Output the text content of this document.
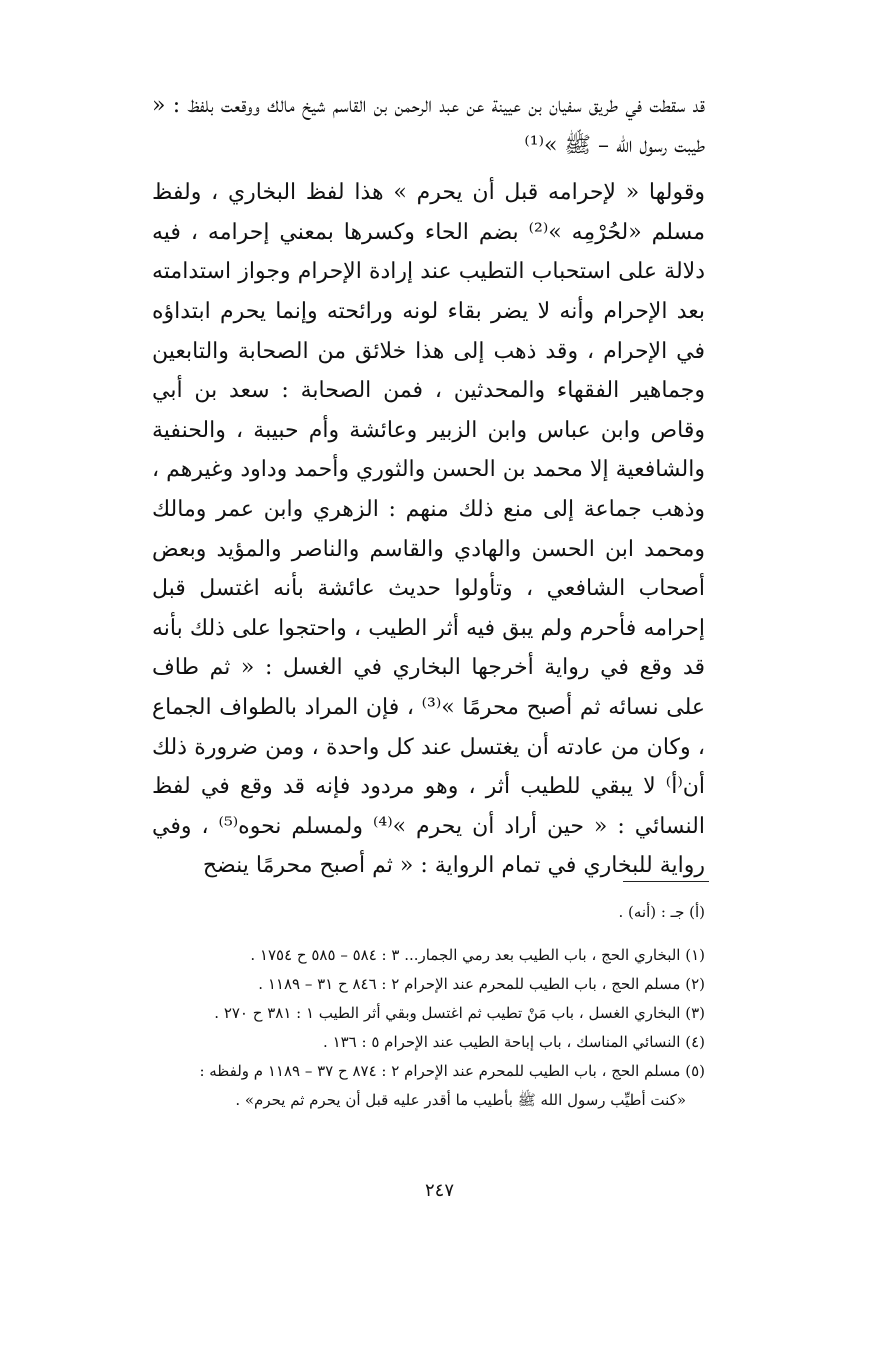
قد سقطت في طريق سفيان بن عيينة عن عبد الرحمن بن القاسم شيخ مالك ووقعت بلفظ : « طيبت رسول اللّه – ﷺ »⁽¹⁾

وقولها « لإحرامه قبل أن يحرم » هذا لفظ البخاري ، ولفظ مسلم «لحُرْمِه »⁽²⁾ بضم الحاء وكسرها بمعني إحرامه ، فيه دلالة على استحباب التطيب عند إرادة الإحرام وجواز استدامته بعد الإحرام وأنه لا يضر بقاء لونه ورائحته وإنما يحرم ابتداؤه في الإحرام ، وقد ذهب إلى هذا خلائق من الصحابة والتابعين وجماهير الفقهاء والمحدثين ، فمن الصحابة : سعد بن أبي وقاص وابن عباس وابن الزبير وعائشة وأم حبيبة ، والحنفية والشافعية إلا محمد بن الحسن والثوري وأحمد وداود وغيرهم ، وذهب جماعة إلى منع ذلك منهم : الزهري وابن عمر ومالك ومحمد ابن الحسن والهادي والقاسم والناصر والمؤيد وبعض أصحاب الشافعي ، وتأولوا حديث عائشة بأنه اغتسل قبل إحرامه فأحرم ولم يبق فيه أثر الطيب ، واحتجوا على ذلك بأنه قد وقع في رواية أخرجها البخاري في الغسل : « ثم طاف على نسائه ثم أصبح محرمًا »⁽³⁾ ، فإن المراد بالطواف الجماع ، وكان من عادته أن يغتسل عند كل واحدة ، ومن ضرورة ذلك أن⁽أ⁾ لا يبقي للطيب أثر ، وهو مردود فإنه قد وقع في لفظ النسائي : « حين أراد أن يحرم »⁽⁴⁾ ولمسلم نحوه⁽⁵⁾ ، وفي رواية للبخاري في تمام الرواية : « ثم أصبح محرمًا ينضح

(أ) جـ : (أنه) .

(١) البخاري الحج ، باب الطيب بعد رمي الجمار... ٣ : ٥٨٤ – ٥٨٥ ح ١٧٥٤ .

(٢) مسلم الحج ، باب الطيب للمحرم عند الإحرام ٢ : ٨٤٦ ح ٣١ – ١١٨٩ .

(٣) البخاري الغسل ، باب مَنْ تطيب ثم اغتسل وبقي أثر الطيب ١ : ٣٨١ ح ٢٧٠ .

(٤) النسائي المناسك ، باب إباحة الطيب عند الإحرام ٥ : ١٣٦ .

(٥) مسلم الحج ، باب الطيب للمحرم عند الإحرام ٢ : ٨٧٤ ح ٣٧ – ١١٨٩ م ولفظه :

«كنت أطيِّب رسول الله ﷺ بأطيب ما أقدر عليه قبل أن يحرم ثم يحرم» .

٢٤٧
